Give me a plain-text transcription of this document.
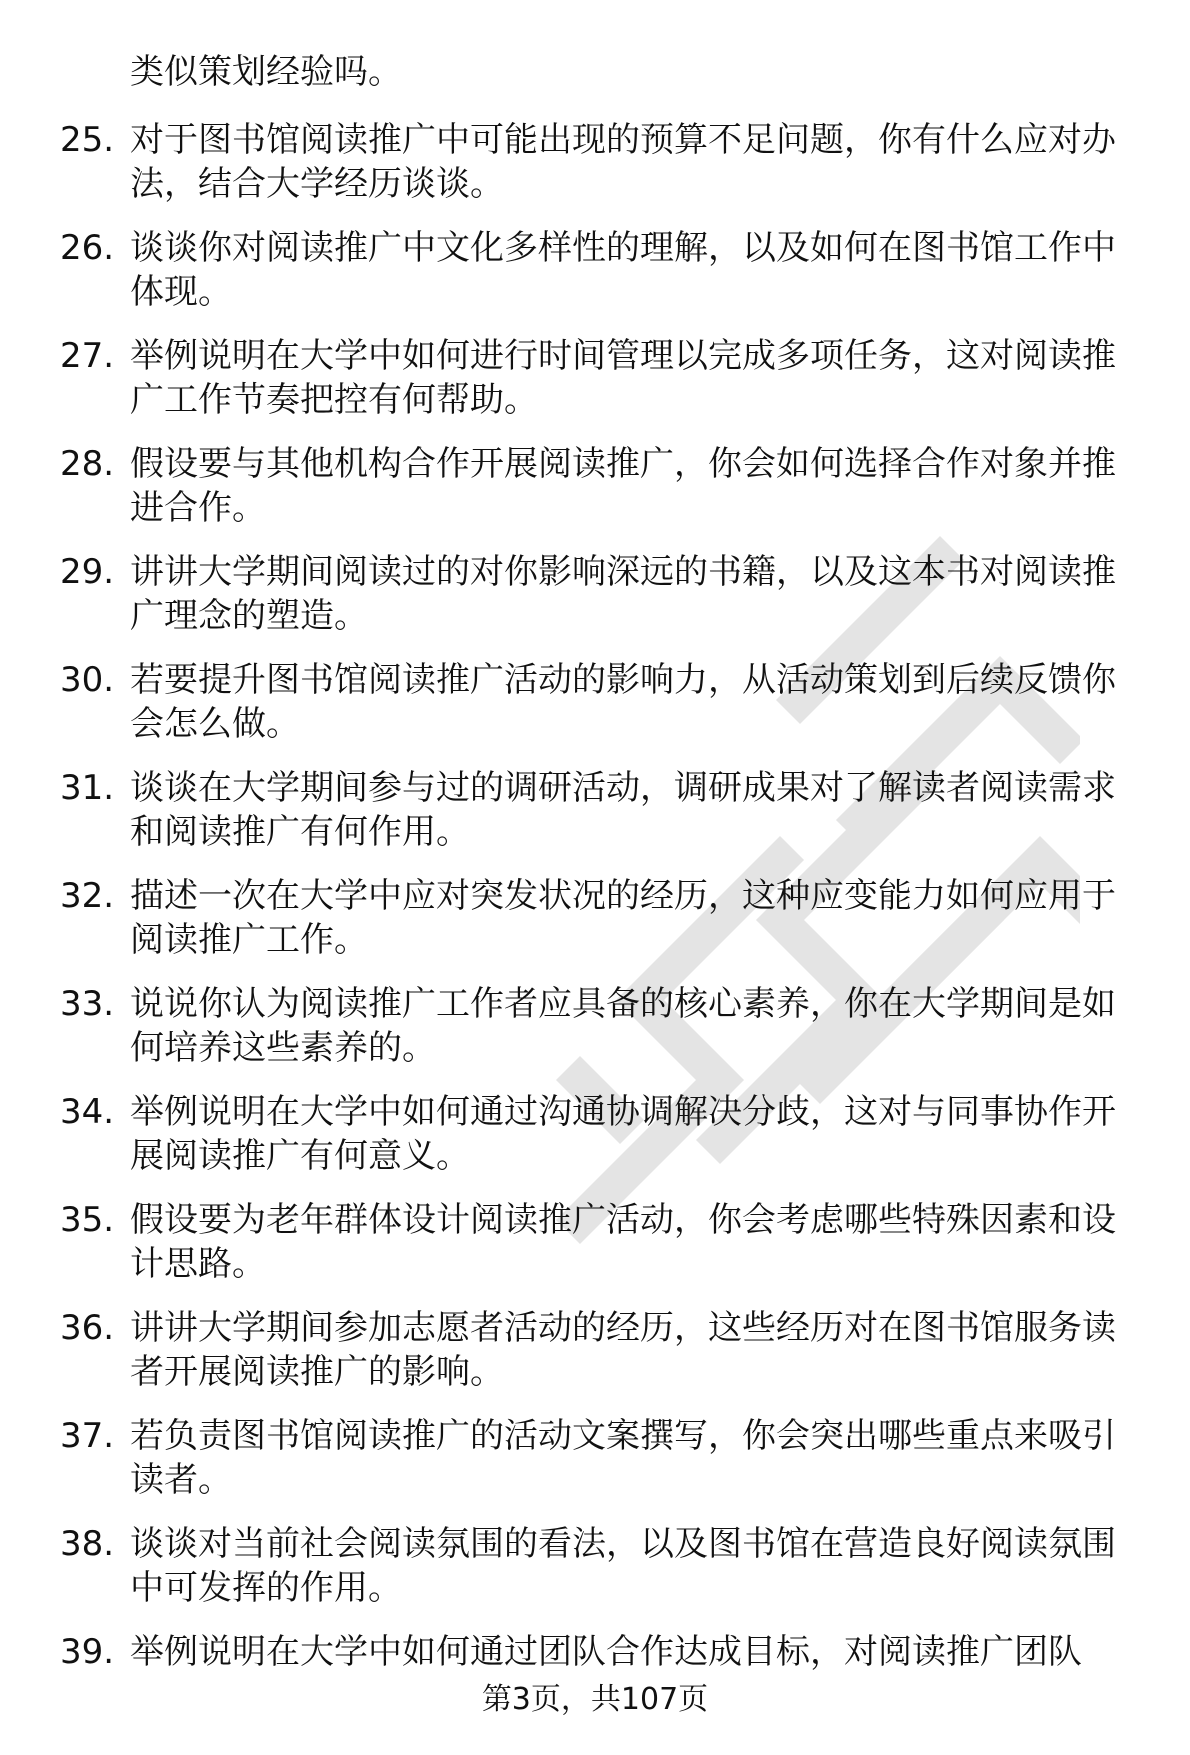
类似策划经验吗。
25. 对于图书馆阅读推广中可能出现的预算不足问题，你有什么应对办法，结合大学经历谈谈。
26. 谈谈你对阅读推广中文化多样性的理解，以及如何在图书馆工作中体现。
27. 举例说明在大学中如何进行时间管理以完成多项任务，这对阅读推广工作节奏把控有何帮助。
28. 假设要与其他机构合作开展阅读推广，你会如何选择合作对象并推进合作。
29. 讲讲大学期间阅读过的对你影响深远的书籍，以及这本书对阅读推广理念的塑造。
30. 若要提升图书馆阅读推广活动的影响力，从活动策划到后续反馈你会怎么做。
31. 谈谈在大学期间参与过的调研活动，调研成果对了解读者阅读需求和阅读推广有何作用。
32. 描述一次在大学中应对突发状况的经历，这种应变能力如何应用于阅读推广工作。
33. 说说你认为阅读推广工作者应具备的核心素养，你在大学期间是如何培养这些素养的。
34. 举例说明在大学中如何通过沟通协调解决分歧，这对与同事协作开展阅读推广有何意义。
35. 假设要为老年群体设计阅读推广活动，你会考虑哪些特殊因素和设计思路。
36. 讲讲大学期间参加志愿者活动的经历，这些经历对在图书馆服务读者开展阅读推广的影响。
37. 若负责图书馆阅读推广的活动文案撰写，你会突出哪些重点来吸引读者。
38. 谈谈对当前社会阅读氛围的看法，以及图书馆在营造良好阅读氛围中可发挥的作用。
39. 举例说明在大学中如何通过团队合作达成目标，对阅读推广团队
第3页，共107页
